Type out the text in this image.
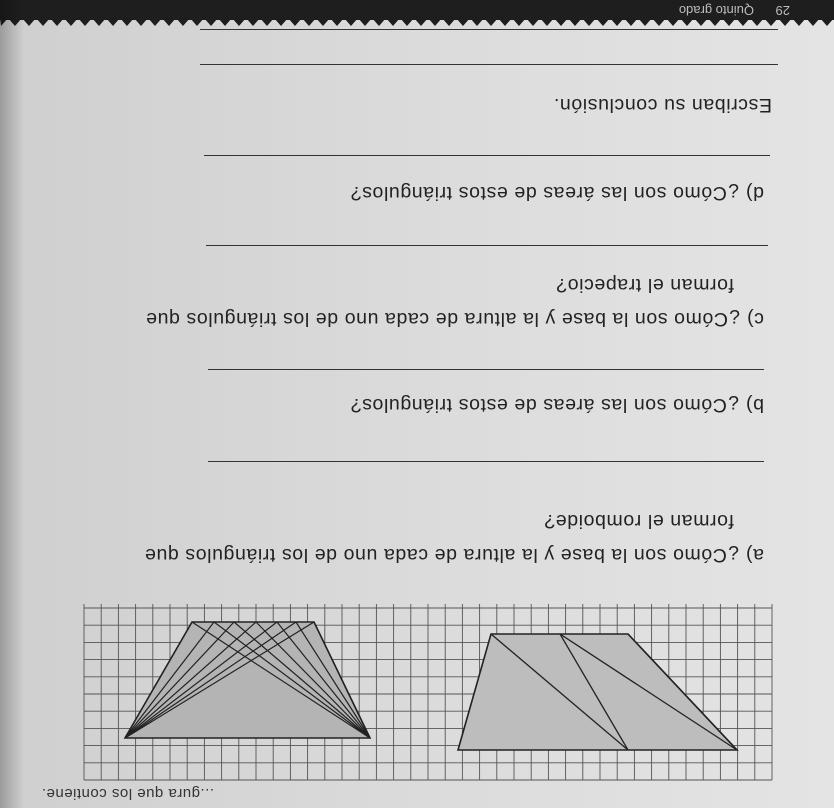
...gura que los contiene.
a) ¿Cómo son la base y la altura de cada uno de los triángulos que
forman el romboide?
b) ¿Cómo son las áreas de estos triángulos?
c) ¿Cómo son la base y la altura de cada uno de los triángulos que
forman el trapecio?
d) ¿Cómo son las áreas de estos triángulos?
Escriban su conclusión.
29
Quinto grado
